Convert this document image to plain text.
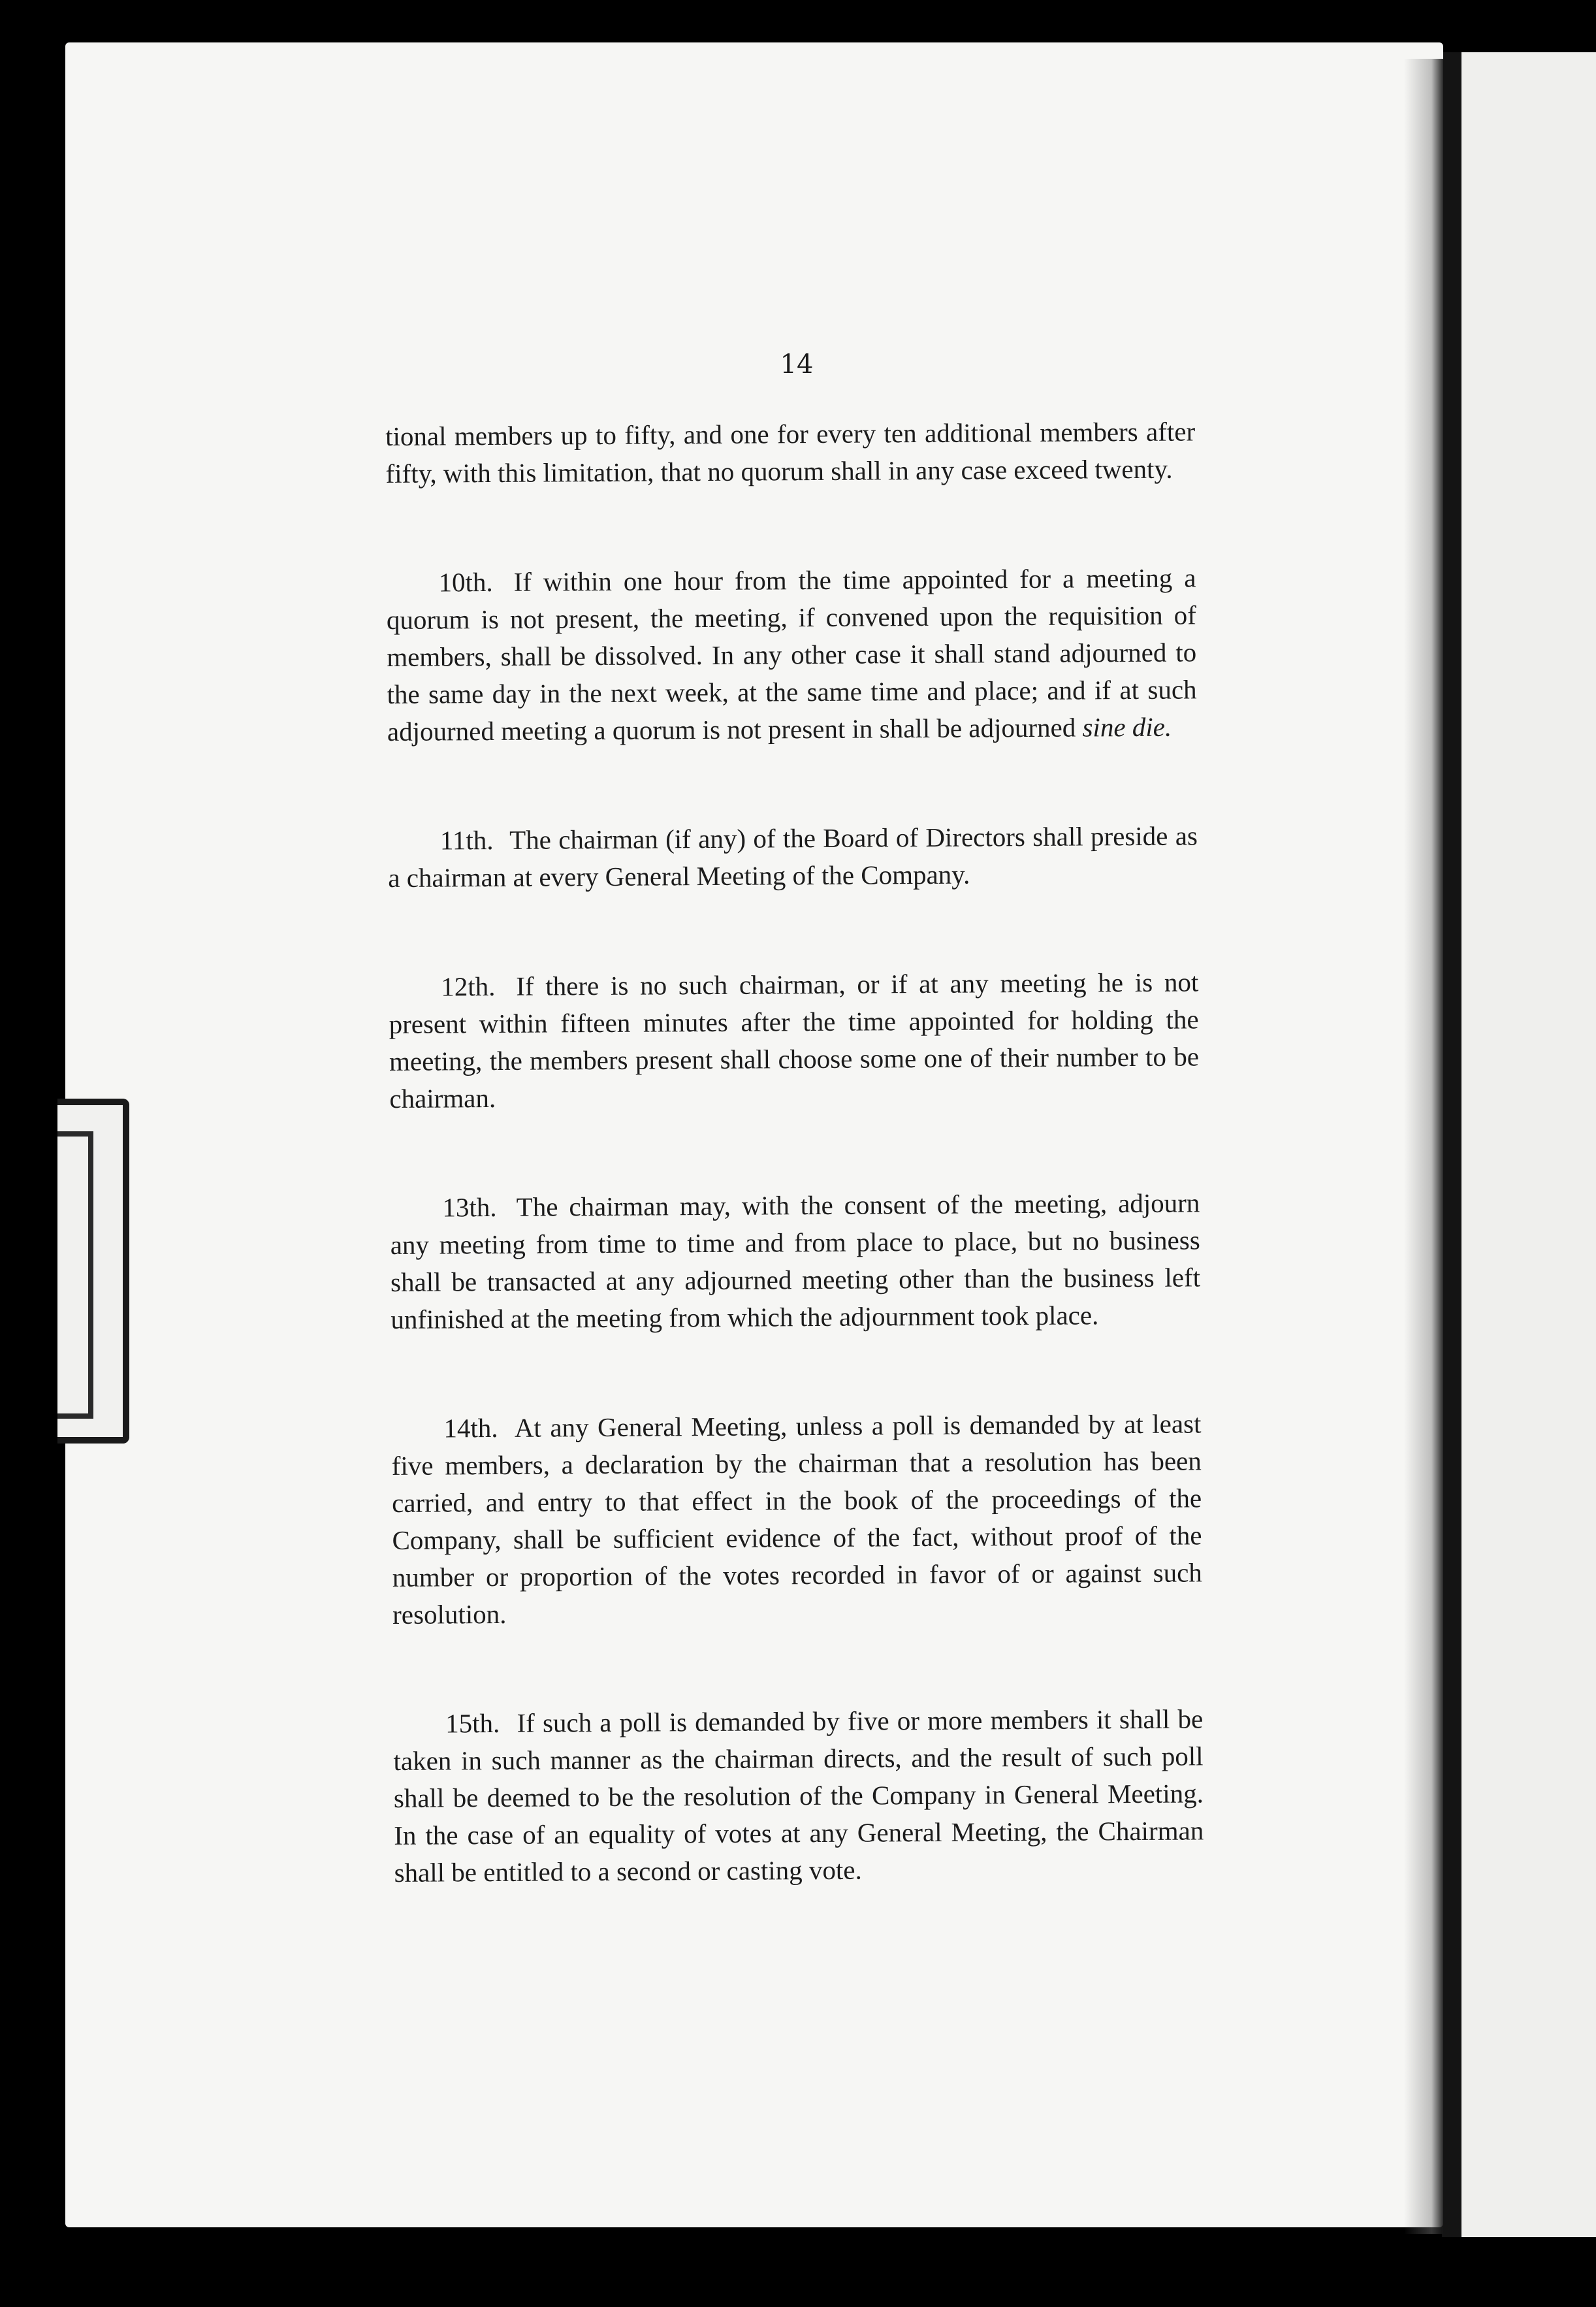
14

tional members up to fifty, and one for every ten additional members after fifty, with this limitation, that no quorum shall in any case exceed twenty.

10th. If within one hour from the time appointed for a meeting a quorum is not present, the meeting, if convened upon the requisition of members, shall be dissolved. In any other case it shall stand adjourned to the same day in the next week, at the same time and place; and if at such adjourned meeting a quorum is not present in shall be adjourned sine die.

11th. The chairman (if any) of the Board of Directors shall preside as a chairman at every General Meeting of the Company.

12th. If there is no such chairman, or if at any meeting he is not present within fifteen minutes after the time appointed for holding the meeting, the members present shall choose some one of their number to be chairman.

13th. The chairman may, with the consent of the meeting, adjourn any meeting from time to time and from place to place, but no business shall be transacted at any adjourned meeting other than the business left unfinished at the meeting from which the adjournment took place.

14th. At any General Meeting, unless a poll is demanded by at least five members, a declaration by the chairman that a resolution has been carried, and entry to that effect in the book of the proceedings of the Company, shall be sufficient evidence of the fact, without proof of the number or proportion of the votes recorded in favor of or against such resolution.

15th. If such a poll is demanded by five or more members it shall be taken in such manner as the chairman directs, and the result of such poll shall be deemed to be the resolution of the Company in General Meeting. In the case of an equality of votes at any General Meeting, the Chairman shall be entitled to a second or casting vote.
